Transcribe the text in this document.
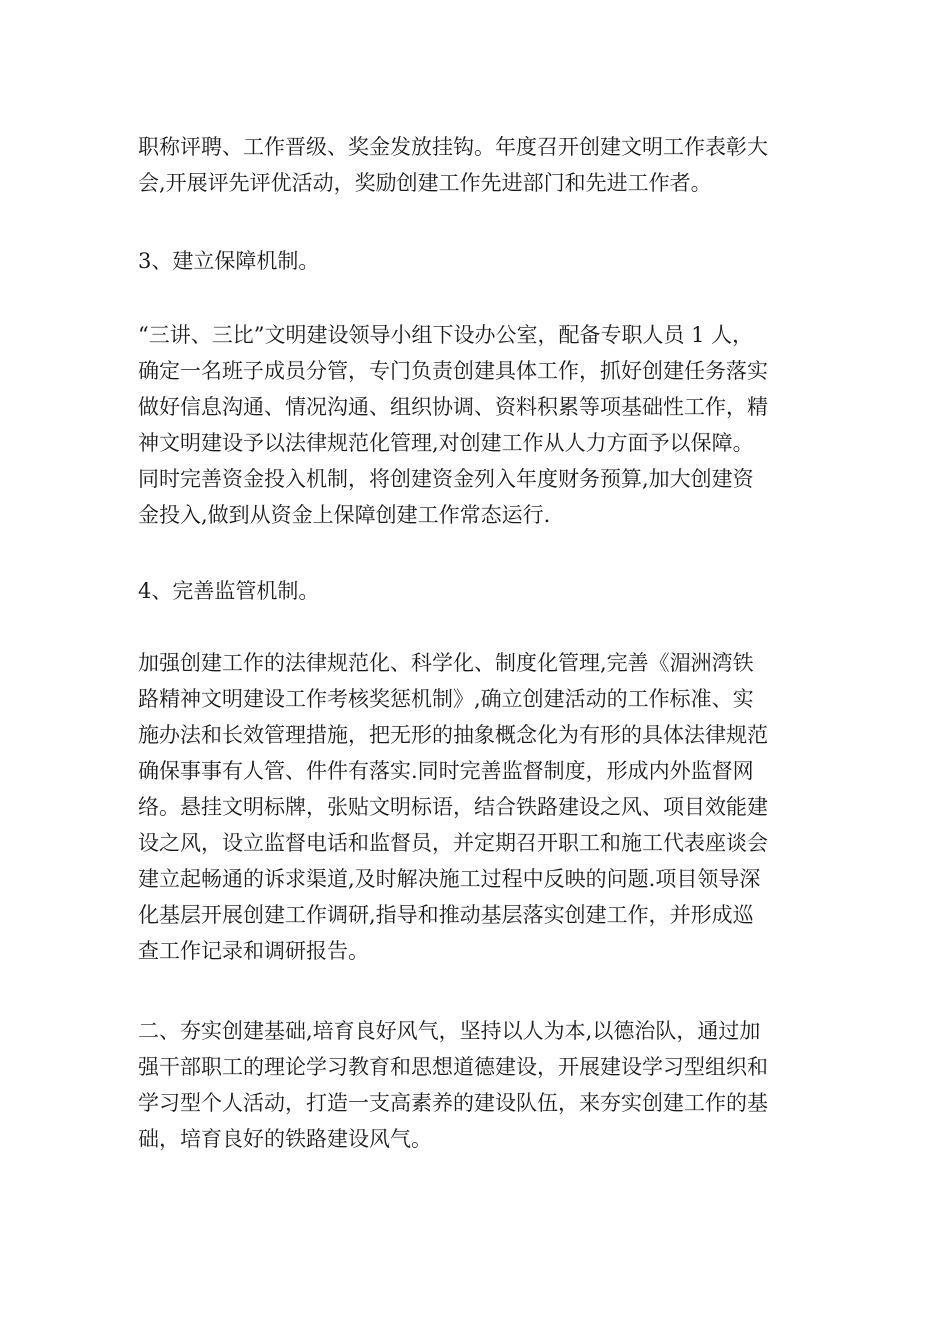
职称评聘、工作晋级、奖金发放挂钩。年度召开创建文明工作表彰大
会,开展评先评优活动，奖励创建工作先进部门和先进工作者。
3、建立保障机制。
“三讲、三比”文明建设领导小组下设办公室，配备专职人员 1 人，
确定一名班子成员分管，专门负责创建具体工作，抓好创建任务落实
做好信息沟通、情况沟通、组织协调、资料积累等项基础性工作，精
神文明建设予以法律规范化管理,对创建工作从人力方面予以保障。
同时完善资金投入机制，将创建资金列入年度财务预算,加大创建资
金投入,做到从资金上保障创建工作常态运行.
4、完善监管机制。
加强创建工作的法律规范化、科学化、制度化管理,完善《湄洲湾铁
路精神文明建设工作考核奖惩机制》,确立创建活动的工作标准、实
施办法和长效管理措施，把无形的抽象概念化为有形的具体法律规范
确保事事有人管、件件有落实.同时完善监督制度，形成内外监督网
络。悬挂文明标牌，张贴文明标语，结合铁路建设之风、项目效能建
设之风，设立监督电话和监督员，并定期召开职工和施工代表座谈会
建立起畅通的诉求渠道,及时解决施工过程中反映的问题.项目领导深
化基层开展创建工作调研,指导和推动基层落实创建工作，并形成巡
查工作记录和调研报告。
二、夯实创建基础,培育良好风气，坚持以人为本,以德治队，通过加
强干部职工的理论学习教育和思想道德建设，开展建设学习型组织和
学习型个人活动，打造一支高素养的建设队伍，来夯实创建工作的基
础，培育良好的铁路建设风气。
